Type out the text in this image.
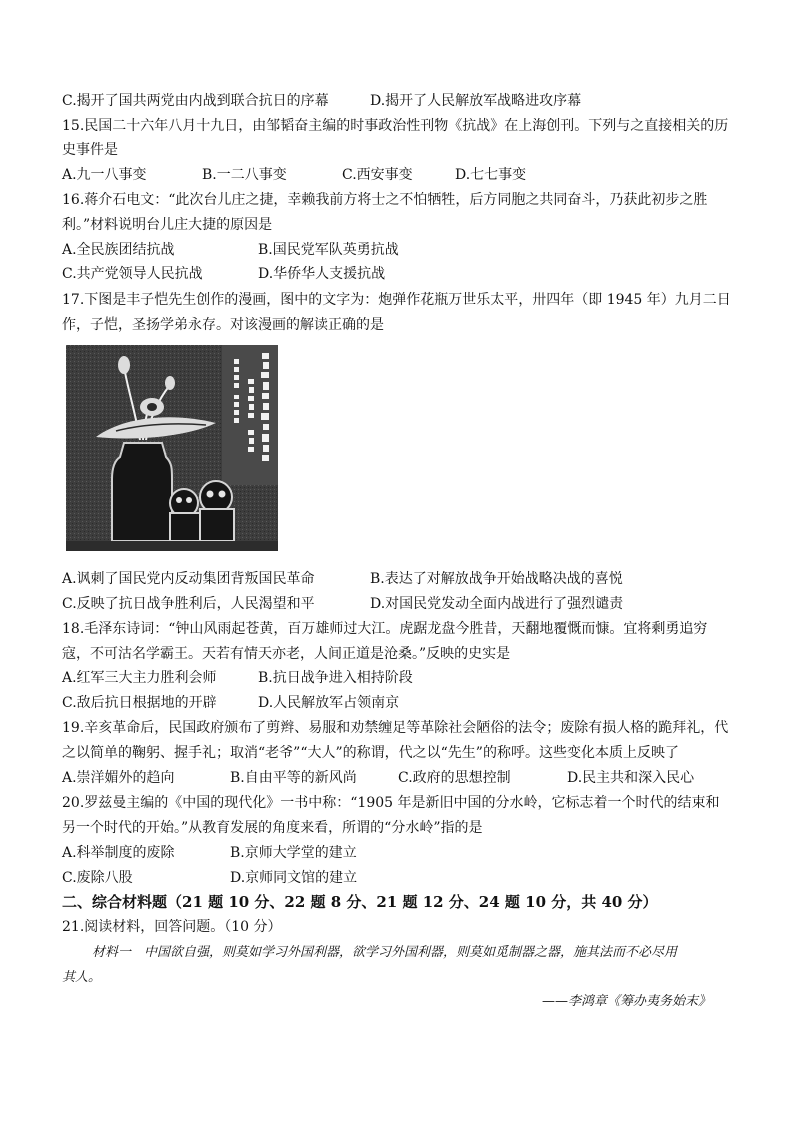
C.揭开了国共两党由内战到联合抗日的序幕	D.揭开了人民解放军战略进攻序幕
15.民国二十六年八月十九日，由邹韬奋主编的时事政治性刊物《抗战》在上海创刊。下列与之直接相关的历
史事件是
A.九一八事变	B.一二八事变	C.西安事变	D.七七事变
16.蒋介石电文：“此次台儿庄之捷，幸赖我前方将士之不怕牺牲，后方同胞之共同奋斗，乃获此初步之胜
利。”材料说明台儿庄大捷的原因是
A.全民族团结抗战	B.国民党军队英勇抗战
C.共产党领导人民抗战	D.华侨华人支援抗战
17.下图是丰子恺先生创作的漫画，图中的文字为：炮弹作花瓶万世乐太平，卅四年（即 1945 年）九月二日
作，子恺，圣扬学弟永存。对该漫画的解读正确的是
A.讽刺了国民党内反动集团背叛国民革命	B.表达了对解放战争开始战略决战的喜悦
C.反映了抗日战争胜利后，人民渴望和平	D.对国民党发动全面内战进行了强烈谴责
18.毛泽东诗词：“钟山风雨起苍黄，百万雄师过大江。虎踞龙盘今胜昔，天翻地覆慨而慷。宜将剩勇追穷
寇，不可沽名学霸王。天若有情天亦老，人间正道是沧桑。”反映的史实是
A.红军三大主力胜利会师	B.抗日战争进入相持阶段
C.敌后抗日根据地的开辟	D.人民解放军占领南京
19.辛亥革命后，民国政府颁布了剪辫、易服和劝禁缠足等革除社会陋俗的法令；废除有损人格的跪拜礼，代
之以简单的鞠躬、握手礼；取消“老爷”“大人”的称谓，代之以“先生”的称呼。这些变化本质上反映了
A.崇洋媚外的趋向	B.自由平等的新风尚	C.政府的思想控制	D.民主共和深入民心
20.罗兹曼主编的《中国的现代化》一书中称：“1905 年是新旧中国的分水岭，它标志着一个时代的结束和
另一个时代的开始。”从教育发展的角度来看，所谓的“分水岭”指的是
A.科举制度的废除	B.京师大学堂的建立
C.废除八股	D.京师同文馆的建立
二、综合材料题（21 题 10 分、22 题 8 分、21 题 12 分、24 题 10 分，共 40 分）
21.阅读材料，回答问题。（10 分）
材料一　中国欲自强，则莫如学习外国利器，欲学习外国利器，则莫如觅制器之器，施其法而不必尽用
其人。
——李鸿章《筹办夷务始末》
